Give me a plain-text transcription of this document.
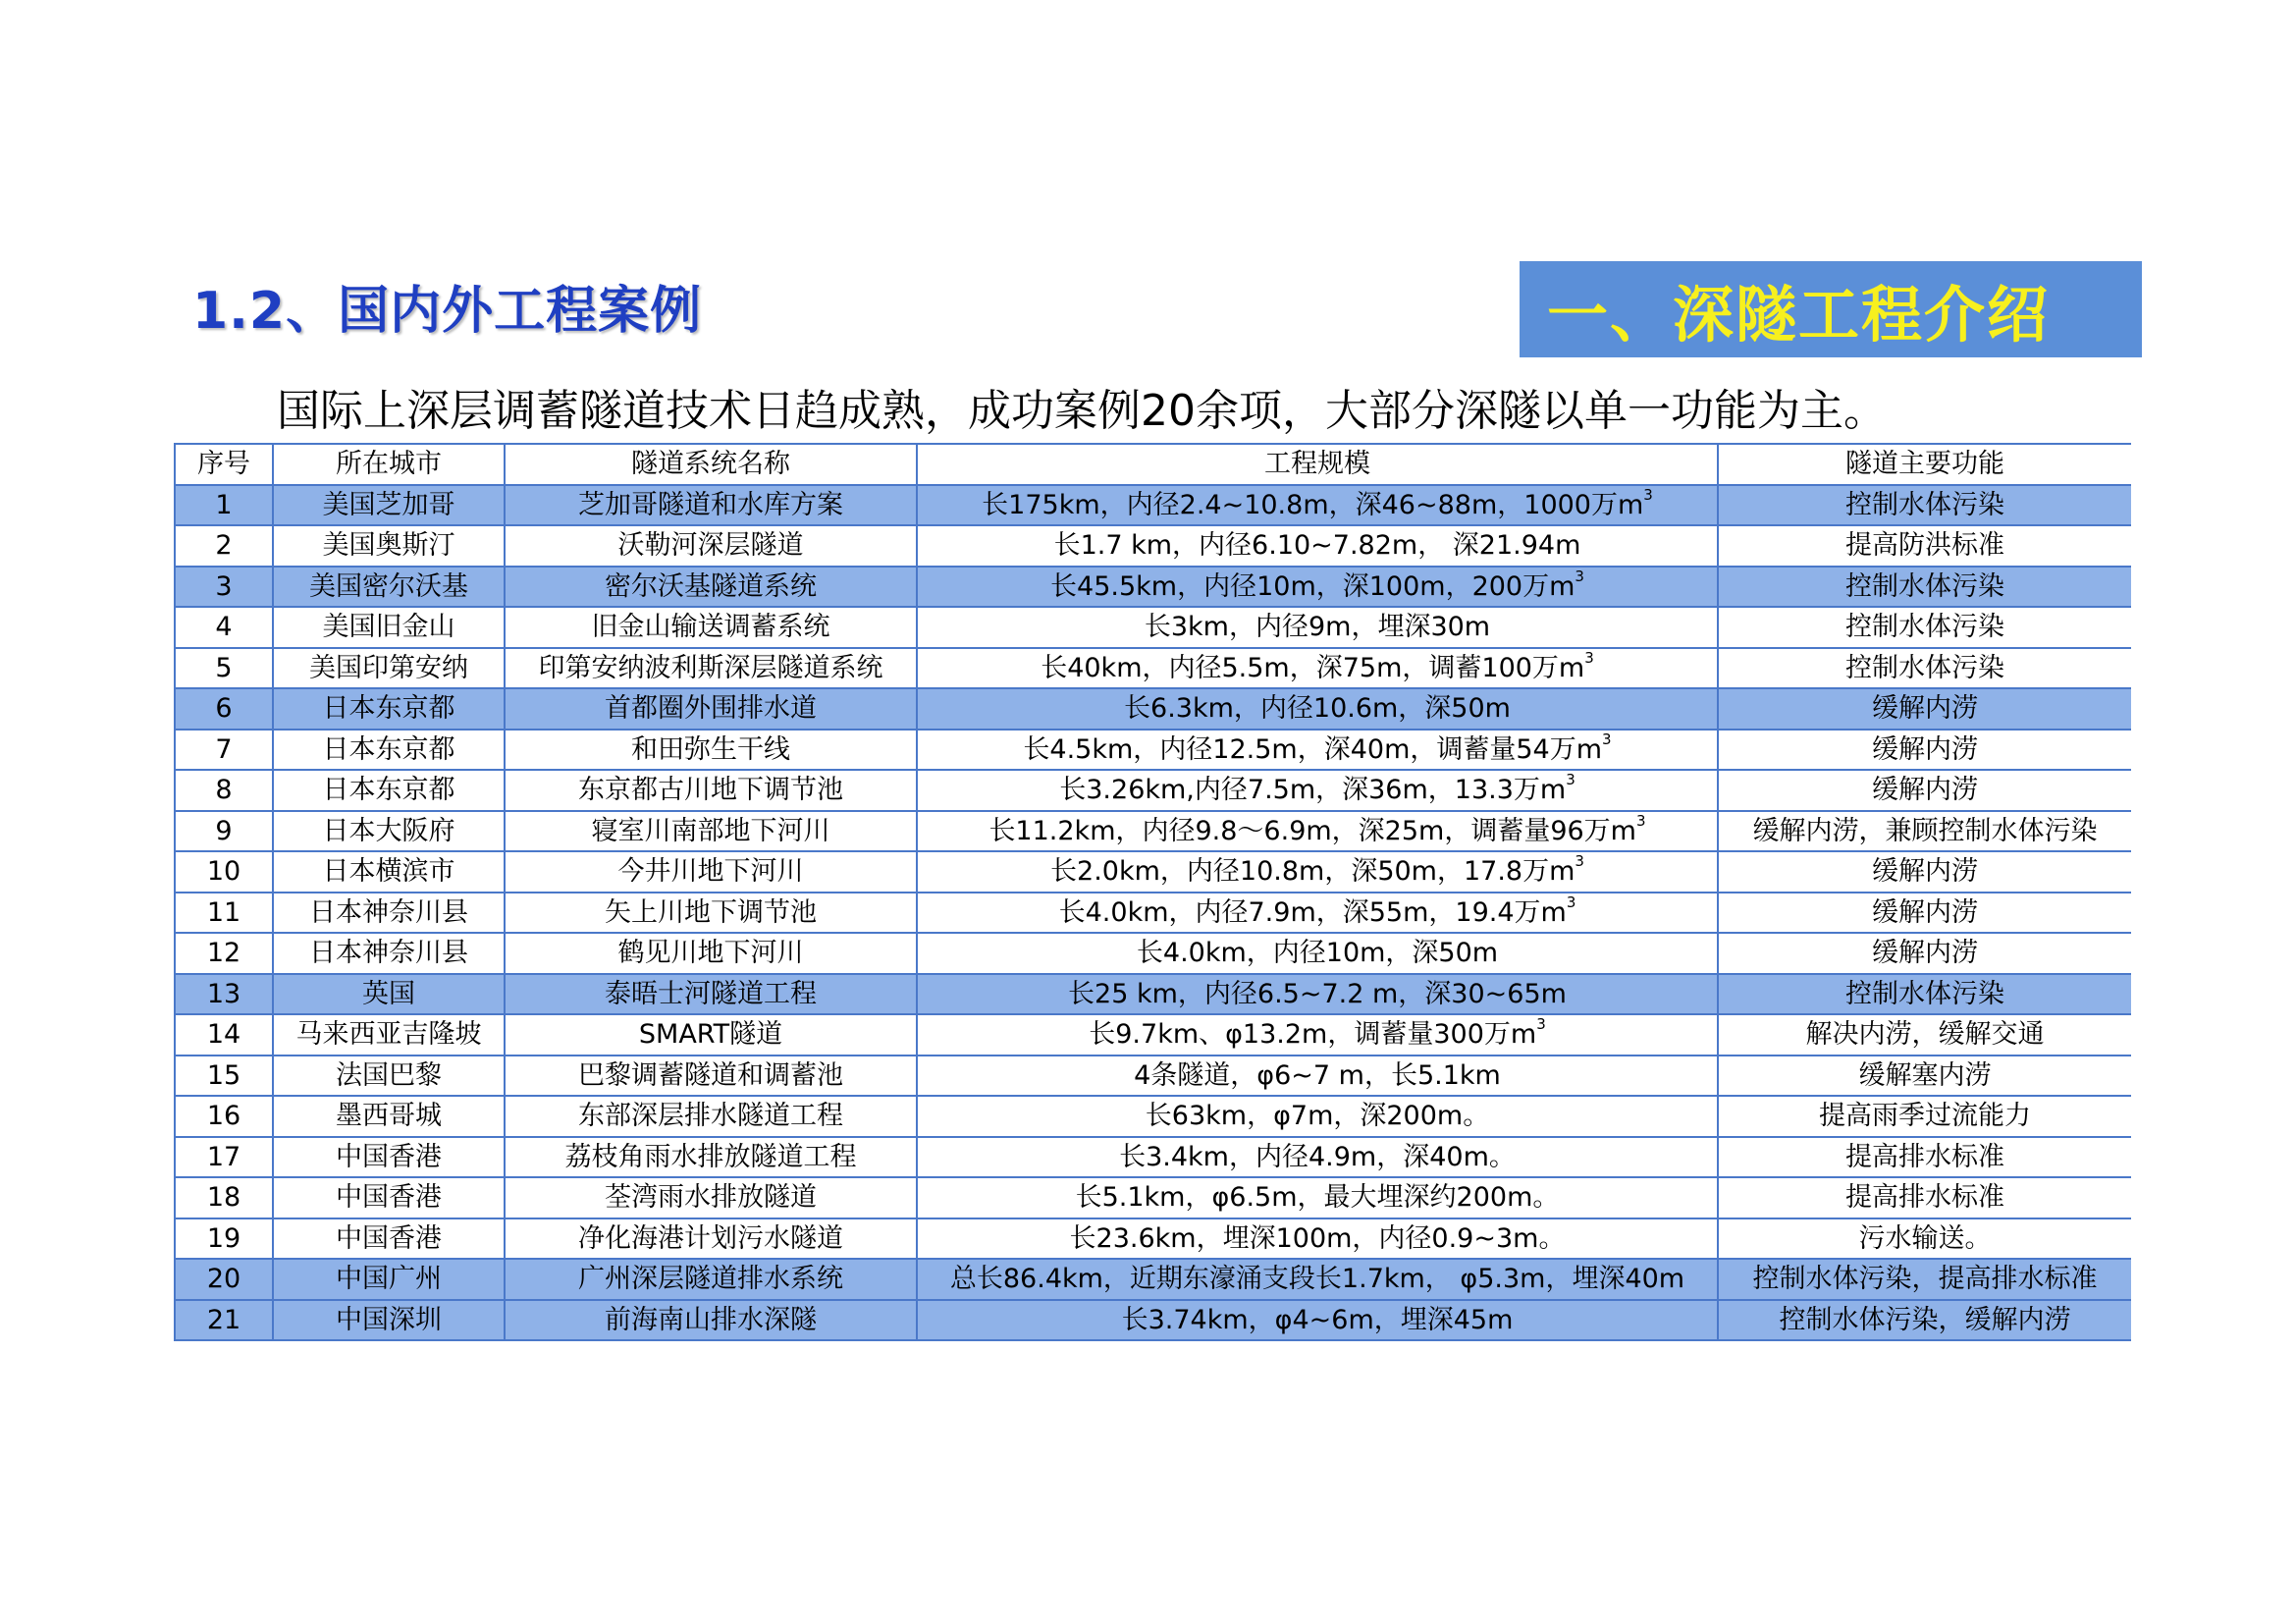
1.2、国内外工程案例	一、深隧工程介绍
国际上深层调蓄隧道技术日趋成熟，成功案例20余项，大部分深隧以单一功能为主。
序号	所在城市	隧道系统名称	工程规模	隧道主要功能
1	美国芝加哥	芝加哥隧道和水库方案	长175km，内径2.4~10.8m，深46~88m，1000万$m^3$	控制水体污染
2	美国奥斯汀	沃勒河深层隧道	长1.7 km，内径6.10~7.82m， 深21.94m	提高防洪标准
3	美国密尔沃基	密尔沃基隧道系统	长45.5km，内径10m，深100m，200万$m^3$	控制水体污染
4	美国旧金山	旧金山输送调蓄系统	长3km，内径9m，埋深30m	控制水体污染
5	美国印第安纳	印第安纳波利斯深层隧道系统	长40km，内径5.5m，深75m，调蓄100万$m^3$	控制水体污染
6	日本东京都	首都圈外围排水道	长6.3km，内径10.6m，深50m	缓解内涝
7	日本东京都	和田弥生干线	长4.5km，内径12.5m，深40m，调蓄量54万$m^3$	缓解内涝
8	日本东京都	东京都古川地下调节池	长3.26km,内径7.5m，深36m，13.3万$m^3$	缓解内涝
9	日本大阪府	寝室川南部地下河川	长11.2km，内径9.8～6.9m，深25m，调蓄量96万$m^3$	缓解内涝，兼顾控制水体污染
10	日本横滨市	今井川地下河川	长2.0km，内径10.8m，深50m，17.8万$m^3$	缓解内涝
11	日本神奈川县	矢上川地下调节池	长4.0km，内径7.9m，深55m，19.4万$m^3$	缓解内涝
12	日本神奈川县	鹤见川地下河川	长4.0km，内径10m，深50m	缓解内涝
13	英国	泰晤士河隧道工程	长25 km，内径6.5~7.2 m，深30~65m	控制水体污染
14	马来西亚吉隆坡	SMART隧道	长9.7km、φ13.2m，调蓄量300万$m^3$	解决内涝，缓解交通
15	法国巴黎	巴黎调蓄隧道和调蓄池	4条隧道，φ6~7 m，长5.1km	缓解塞内涝
16	墨西哥城	东部深层排水隧道工程	长63km，φ7m，深200m。	提高雨季过流能力
17	中国香港	荔枝角雨水排放隧道工程	长3.4km，内径4.9m，深40m。	提高排水标准
18	中国香港	荃湾雨水排放隧道	长5.1km，φ6.5m，最大埋深约200m。	提高排水标准
19	中国香港	净化海港计划污水隧道	长23.6km，埋深100m，内径0.9~3m。	污水输送。
20	中国广州	广州深层隧道排水系统	总长86.4km，近期东濠涌支段长1.7km， φ5.3m，埋深40m	控制水体污染，提高排水标准
21	中国深圳	前海南山排水深隧	长3.74km，φ4~6m，埋深45m	控制水体污染，缓解内涝
